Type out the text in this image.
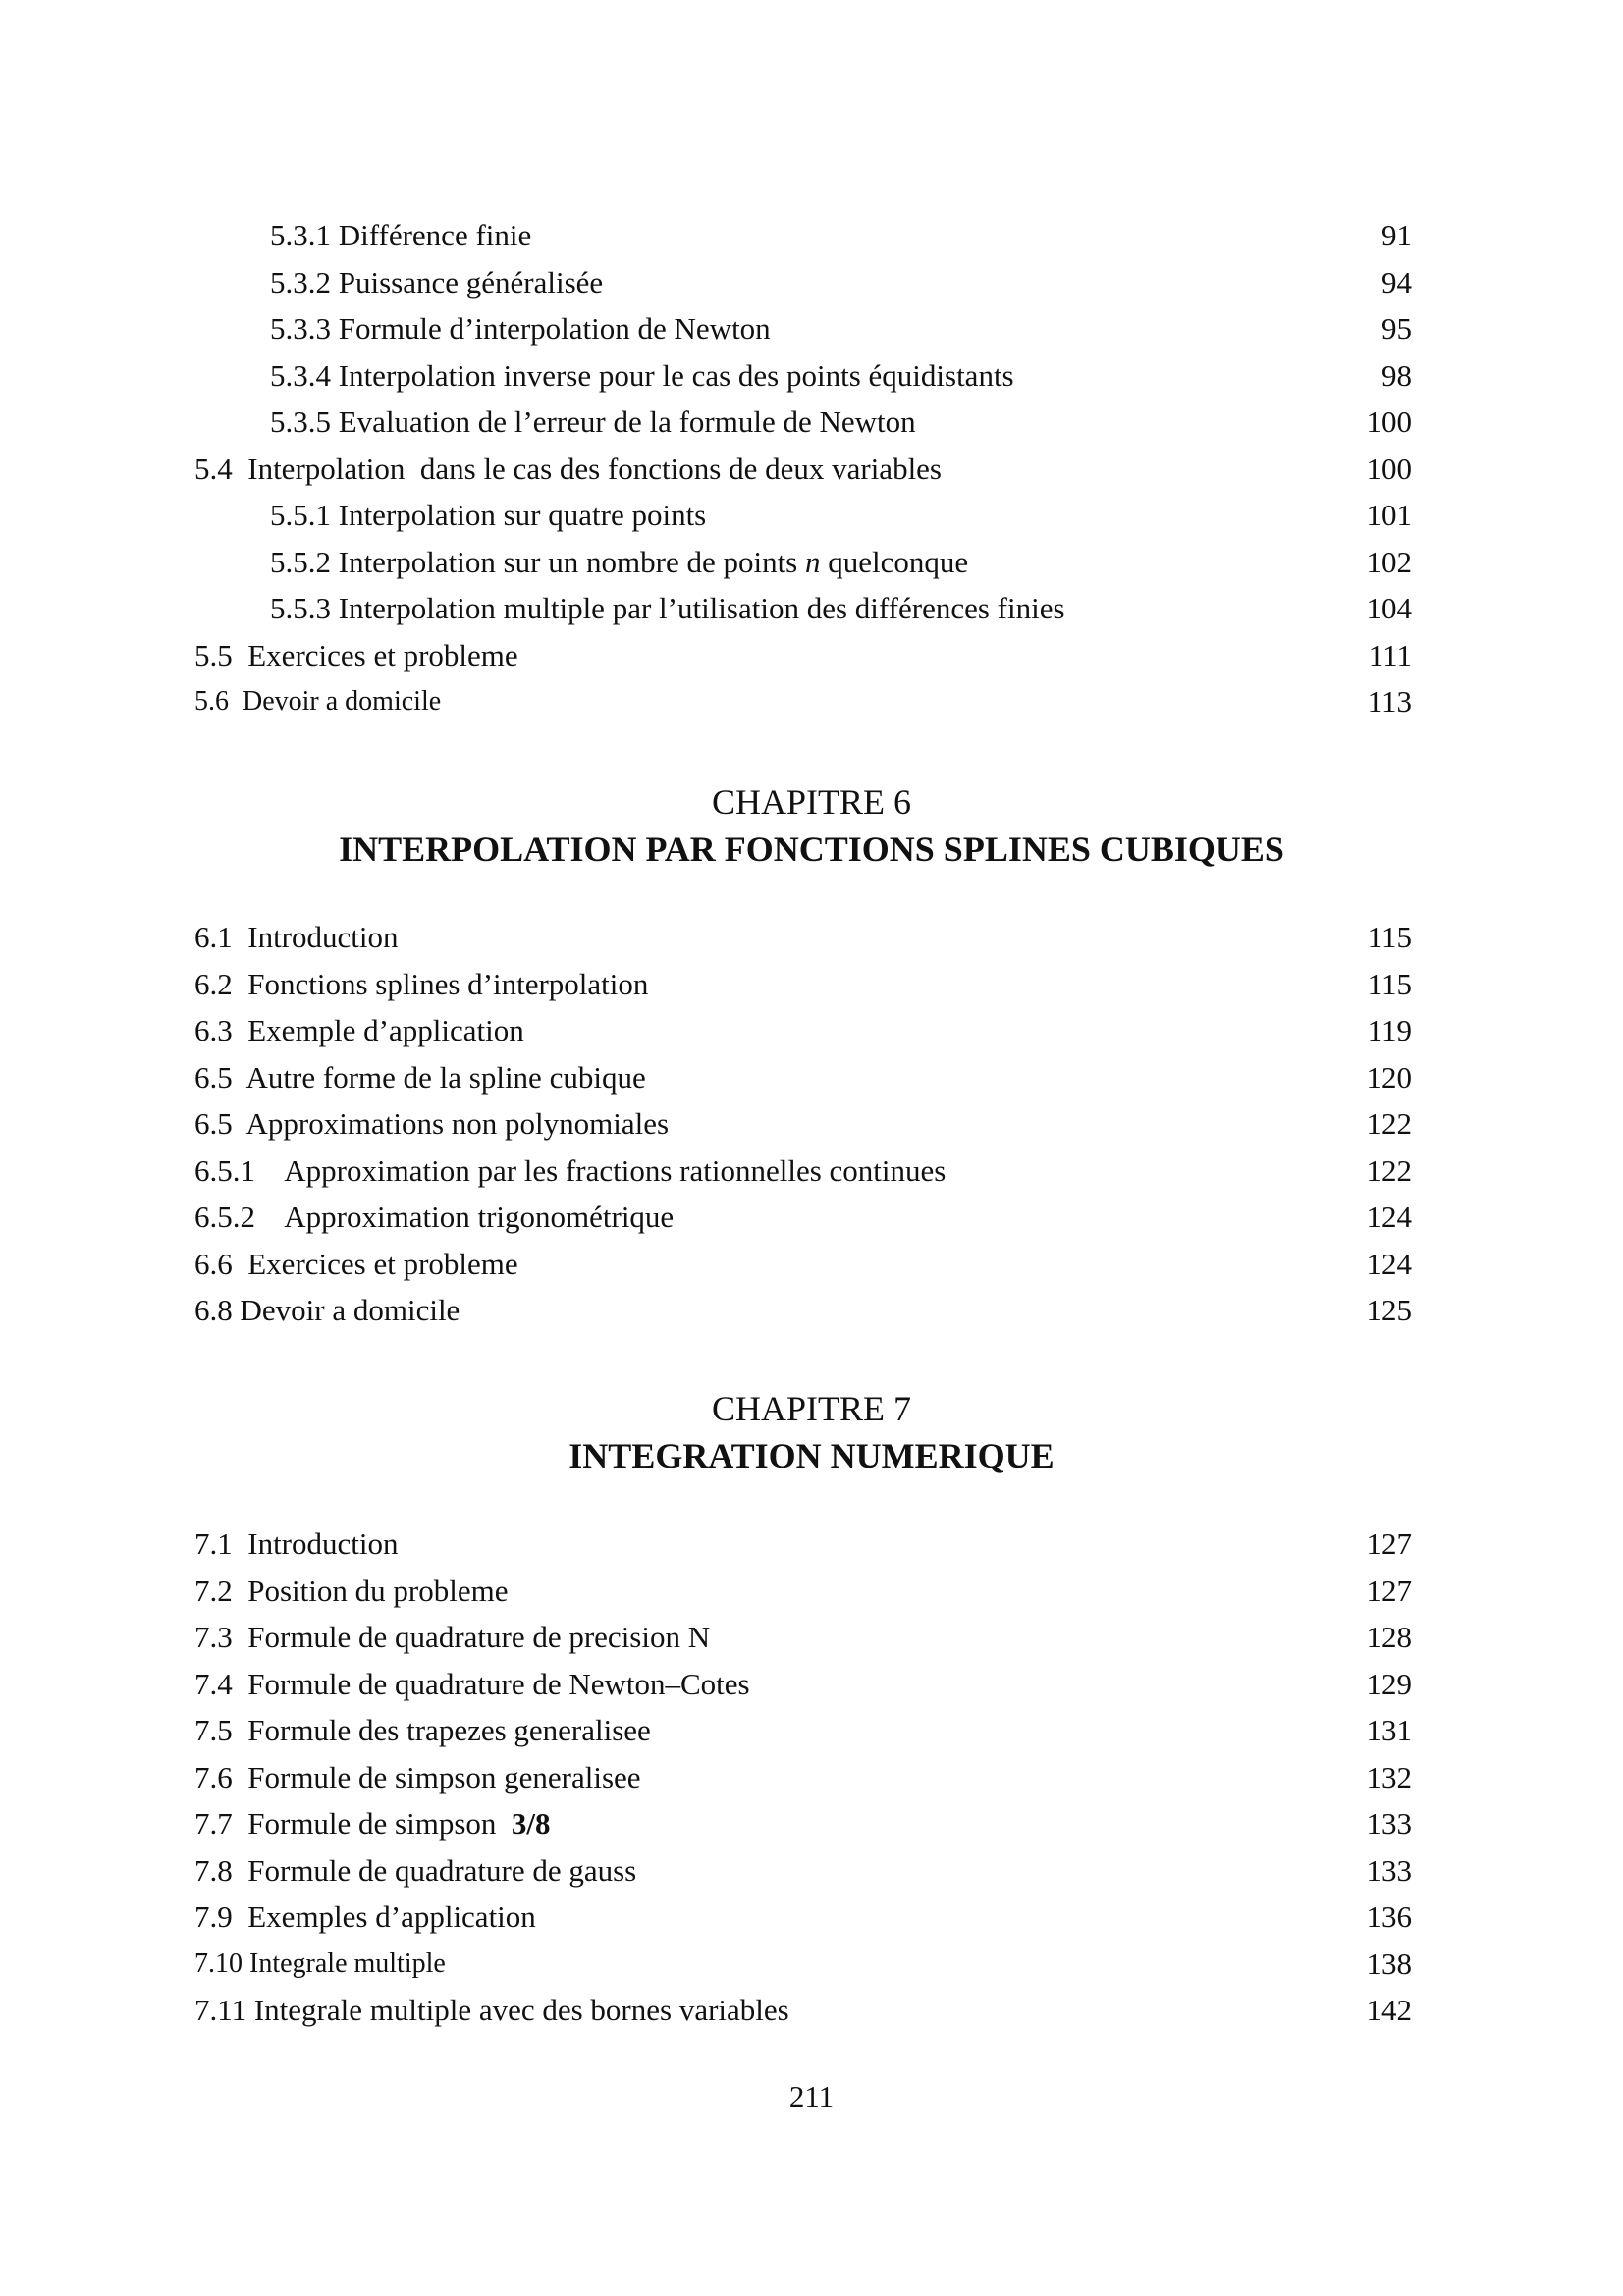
5.3.1 Différence finie	91
5.3.2 Puissance généralisée	94
5.3.3 Formule d’interpolation de Newton	95
5.3.4 Interpolation inverse pour le cas des points équidistants	98
5.3.5 Evaluation de l’erreur de la formule de Newton	100
5.4  Interpolation  dans le cas des fonctions de deux variables	100
5.5.1 Interpolation sur quatre points	101
5.5.2 Interpolation sur un nombre de points n quelconque	102
5.5.3 Interpolation multiple par l’utilisation des différences finies	104
5.5  Exercices et probleme	111
5.6  Devoir a domicile	113
CHAPITRE 6
INTERPOLATION PAR FONCTIONS SPLINES CUBIQUES
6.1  Introduction	115
6.2  Fonctions splines d’interpolation	115
6.3  Exemple d’application	119
6.5  Autre forme de la spline cubique	120
6.5  Approximations non polynomiales	122
6.5.1    Approximation par les fractions rationnelles continues	122
6.5.2    Approximation trigonométrique	124
6.6  Exercices et probleme	124
6.8 Devoir a domicile	125
CHAPITRE 7
INTEGRATION NUMERIQUE
7.1  Introduction	127
7.2  Position du probleme	127
7.3  Formule de quadrature de precision N	128
7.4  Formule de quadrature de Newton–Cotes	129
7.5  Formule des trapezes generalisee	131
7.6  Formule de simpson generalisee	132
7.7  Formule de simpson  3/8	133
7.8  Formule de quadrature de gauss	133
7.9  Exemples d’application	136
7.10 Integrale multiple	138
7.11 Integrale multiple avec des bornes variables	142
211
